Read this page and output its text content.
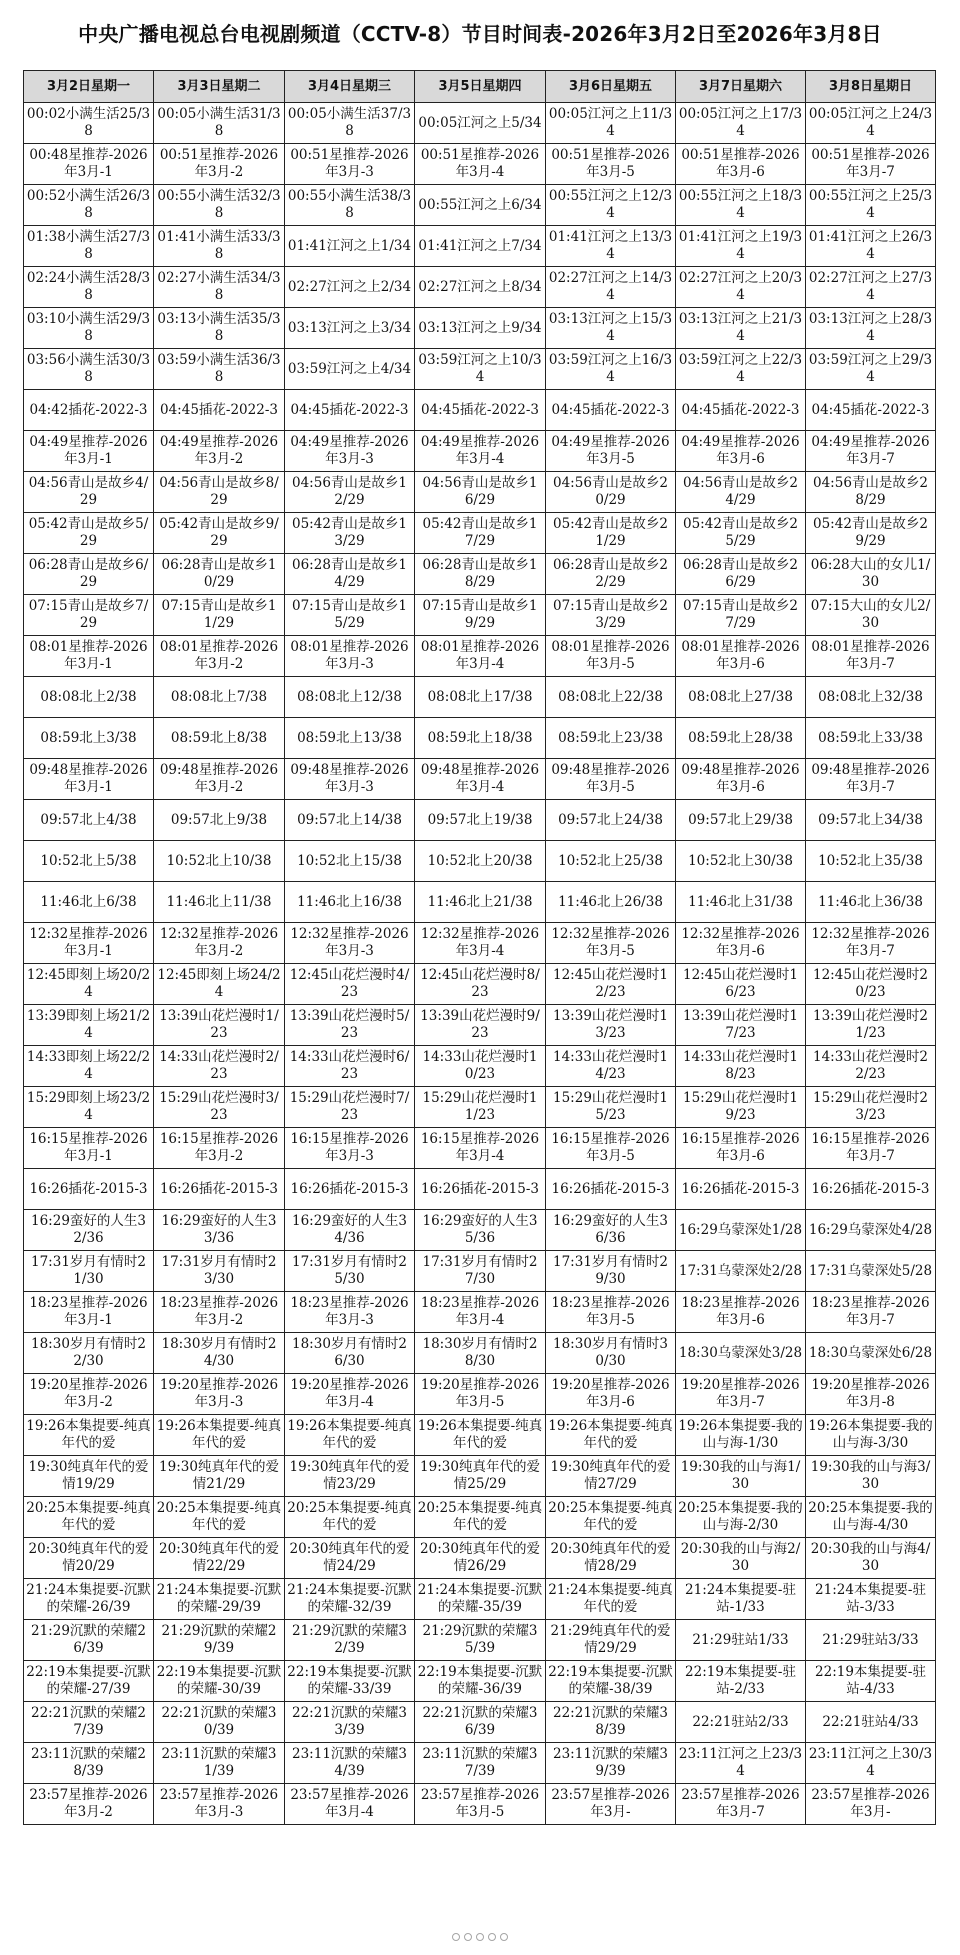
中央广播电视总台电视剧频道（CCTV-8）节目时间表-2026年3月2日至2026年3月8日
3月2日星期一	3月3日星期二	3月4日星期三	3月5日星期四	3月6日星期五	3月7日星期六	3月8日星期日
00:02小满生活25/38	00:05小满生活31/38	00:05小满生活37/38	00:05江河之上5/34	00:05江河之上11/34	00:05江河之上17/34	00:05江河之上24/34
00:48星推荐-2026年3月-1	00:51星推荐-2026年3月-2	00:51星推荐-2026年3月-3	00:51星推荐-2026年3月-4	00:51星推荐-2026年3月-5	00:51星推荐-2026年3月-6	00:51星推荐-2026年3月-7
00:52小满生活26/38	00:55小满生活32/38	00:55小满生活38/38	00:55江河之上6/34	00:55江河之上12/34	00:55江河之上18/34	00:55江河之上25/34
01:38小满生活27/38	01:41小满生活33/38	01:41江河之上1/34	01:41江河之上7/34	01:41江河之上13/34	01:41江河之上19/34	01:41江河之上26/34
02:24小满生活28/38	02:27小满生活34/38	02:27江河之上2/34	02:27江河之上8/34	02:27江河之上14/34	02:27江河之上20/34	02:27江河之上27/34
03:10小满生活29/38	03:13小满生活35/38	03:13江河之上3/34	03:13江河之上9/34	03:13江河之上15/34	03:13江河之上21/34	03:13江河之上28/34
03:56小满生活30/38	03:59小满生活36/38	03:59江河之上4/34	03:59江河之上10/34	03:59江河之上16/34	03:59江河之上22/34	03:59江河之上29/34
04:42插花-2022-3	04:45插花-2022-3	04:45插花-2022-3	04:45插花-2022-3	04:45插花-2022-3	04:45插花-2022-3	04:45插花-2022-3
04:49星推荐-2026年3月-1	04:49星推荐-2026年3月-2	04:49星推荐-2026年3月-3	04:49星推荐-2026年3月-4	04:49星推荐-2026年3月-5	04:49星推荐-2026年3月-6	04:49星推荐-2026年3月-7
04:56青山是故乡4/29	04:56青山是故乡8/29	04:56青山是故乡12/29	04:56青山是故乡16/29	04:56青山是故乡20/29	04:56青山是故乡24/29	04:56青山是故乡28/29
05:42青山是故乡5/29	05:42青山是故乡9/29	05:42青山是故乡13/29	05:42青山是故乡17/29	05:42青山是故乡21/29	05:42青山是故乡25/29	05:42青山是故乡29/29
06:28青山是故乡6/29	06:28青山是故乡10/29	06:28青山是故乡14/29	06:28青山是故乡18/29	06:28青山是故乡22/29	06:28青山是故乡26/29	06:28大山的女儿1/30
07:15青山是故乡7/29	07:15青山是故乡11/29	07:15青山是故乡15/29	07:15青山是故乡19/29	07:15青山是故乡23/29	07:15青山是故乡27/29	07:15大山的女儿2/30
08:01星推荐-2026年3月-1	08:01星推荐-2026年3月-2	08:01星推荐-2026年3月-3	08:01星推荐-2026年3月-4	08:01星推荐-2026年3月-5	08:01星推荐-2026年3月-6	08:01星推荐-2026年3月-7
08:08北上2/38	08:08北上7/38	08:08北上12/38	08:08北上17/38	08:08北上22/38	08:08北上27/38	08:08北上32/38
08:59北上3/38	08:59北上8/38	08:59北上13/38	08:59北上18/38	08:59北上23/38	08:59北上28/38	08:59北上33/38
09:48星推荐-2026年3月-1	09:48星推荐-2026年3月-2	09:48星推荐-2026年3月-3	09:48星推荐-2026年3月-4	09:48星推荐-2026年3月-5	09:48星推荐-2026年3月-6	09:48星推荐-2026年3月-7
09:57北上4/38	09:57北上9/38	09:57北上14/38	09:57北上19/38	09:57北上24/38	09:57北上29/38	09:57北上34/38
10:52北上5/38	10:52北上10/38	10:52北上15/38	10:52北上20/38	10:52北上25/38	10:52北上30/38	10:52北上35/38
11:46北上6/38	11:46北上11/38	11:46北上16/38	11:46北上21/38	11:46北上26/38	11:46北上31/38	11:46北上36/38
12:32星推荐-2026年3月-1	12:32星推荐-2026年3月-2	12:32星推荐-2026年3月-3	12:32星推荐-2026年3月-4	12:32星推荐-2026年3月-5	12:32星推荐-2026年3月-6	12:32星推荐-2026年3月-7
12:45即刻上场20/24	12:45即刻上场24/24	12:45山花烂漫时4/23	12:45山花烂漫时8/23	12:45山花烂漫时12/23	12:45山花烂漫时16/23	12:45山花烂漫时20/23
13:39即刻上场21/24	13:39山花烂漫时1/23	13:39山花烂漫时5/23	13:39山花烂漫时9/23	13:39山花烂漫时13/23	13:39山花烂漫时17/23	13:39山花烂漫时21/23
14:33即刻上场22/24	14:33山花烂漫时2/23	14:33山花烂漫时6/23	14:33山花烂漫时10/23	14:33山花烂漫时14/23	14:33山花烂漫时18/23	14:33山花烂漫时22/23
15:29即刻上场23/24	15:29山花烂漫时3/23	15:29山花烂漫时7/23	15:29山花烂漫时11/23	15:29山花烂漫时15/23	15:29山花烂漫时19/23	15:29山花烂漫时23/23
16:15星推荐-2026年3月-1	16:15星推荐-2026年3月-2	16:15星推荐-2026年3月-3	16:15星推荐-2026年3月-4	16:15星推荐-2026年3月-5	16:15星推荐-2026年3月-6	16:15星推荐-2026年3月-7
16:26插花-2015-3	16:26插花-2015-3	16:26插花-2015-3	16:26插花-2015-3	16:26插花-2015-3	16:26插花-2015-3	16:26插花-2015-3
16:29蛮好的人生32/36	16:29蛮好的人生33/36	16:29蛮好的人生34/36	16:29蛮好的人生35/36	16:29蛮好的人生36/36	16:29乌蒙深处1/28	16:29乌蒙深处4/28
17:31岁月有情时21/30	17:31岁月有情时23/30	17:31岁月有情时25/30	17:31岁月有情时27/30	17:31岁月有情时29/30	17:31乌蒙深处2/28	17:31乌蒙深处5/28
18:23星推荐-2026年3月-1	18:23星推荐-2026年3月-2	18:23星推荐-2026年3月-3	18:23星推荐-2026年3月-4	18:23星推荐-2026年3月-5	18:23星推荐-2026年3月-6	18:23星推荐-2026年3月-7
18:30岁月有情时22/30	18:30岁月有情时24/30	18:30岁月有情时26/30	18:30岁月有情时28/30	18:30岁月有情时30/30	18:30乌蒙深处3/28	18:30乌蒙深处6/28
19:20星推荐-2026年3月-2	19:20星推荐-2026年3月-3	19:20星推荐-2026年3月-4	19:20星推荐-2026年3月-5	19:20星推荐-2026年3月-6	19:20星推荐-2026年3月-7	19:20星推荐-2026年3月-8
19:26本集提要-纯真年代的爱	19:26本集提要-纯真年代的爱	19:26本集提要-纯真年代的爱	19:26本集提要-纯真年代的爱	19:26本集提要-纯真年代的爱	19:26本集提要-我的山与海-1/30	19:26本集提要-我的山与海-3/30
19:30纯真年代的爱情19/29	19:30纯真年代的爱情21/29	19:30纯真年代的爱情23/29	19:30纯真年代的爱情25/29	19:30纯真年代的爱情27/29	19:30我的山与海1/30	19:30我的山与海3/30
20:25本集提要-纯真年代的爱	20:25本集提要-纯真年代的爱	20:25本集提要-纯真年代的爱	20:25本集提要-纯真年代的爱	20:25本集提要-纯真年代的爱	20:25本集提要-我的山与海-2/30	20:25本集提要-我的山与海-4/30
20:30纯真年代的爱情20/29	20:30纯真年代的爱情22/29	20:30纯真年代的爱情24/29	20:30纯真年代的爱情26/29	20:30纯真年代的爱情28/29	20:30我的山与海2/30	20:30我的山与海4/30
21:24本集提要-沉默的荣耀-26/39	21:24本集提要-沉默的荣耀-29/39	21:24本集提要-沉默的荣耀-32/39	21:24本集提要-沉默的荣耀-35/39	21:24本集提要-纯真年代的爱	21:24本集提要-驻站-1/33	21:24本集提要-驻站-3/33
21:29沉默的荣耀26/39	21:29沉默的荣耀29/39	21:29沉默的荣耀32/39	21:29沉默的荣耀35/39	21:29纯真年代的爱情29/29	21:29驻站1/33	21:29驻站3/33
22:19本集提要-沉默的荣耀-27/39	22:19本集提要-沉默的荣耀-30/39	22:19本集提要-沉默的荣耀-33/39	22:19本集提要-沉默的荣耀-36/39	22:19本集提要-沉默的荣耀-38/39	22:19本集提要-驻站-2/33	22:19本集提要-驻站-4/33
22:21沉默的荣耀27/39	22:21沉默的荣耀30/39	22:21沉默的荣耀33/39	22:21沉默的荣耀36/39	22:21沉默的荣耀38/39	22:21驻站2/33	22:21驻站4/33
23:11沉默的荣耀28/39	23:11沉默的荣耀31/39	23:11沉默的荣耀34/39	23:11沉默的荣耀37/39	23:11沉默的荣耀39/39	23:11江河之上23/34	23:11江河之上30/34
23:57星推荐-2026年3月-2	23:57星推荐-2026年3月-3	23:57星推荐-2026年3月-4	23:57星推荐-2026年3月-5	23:57星推荐-2026年3月-	23:57星推荐-2026年3月-7	23:57星推荐-2026年3月-
